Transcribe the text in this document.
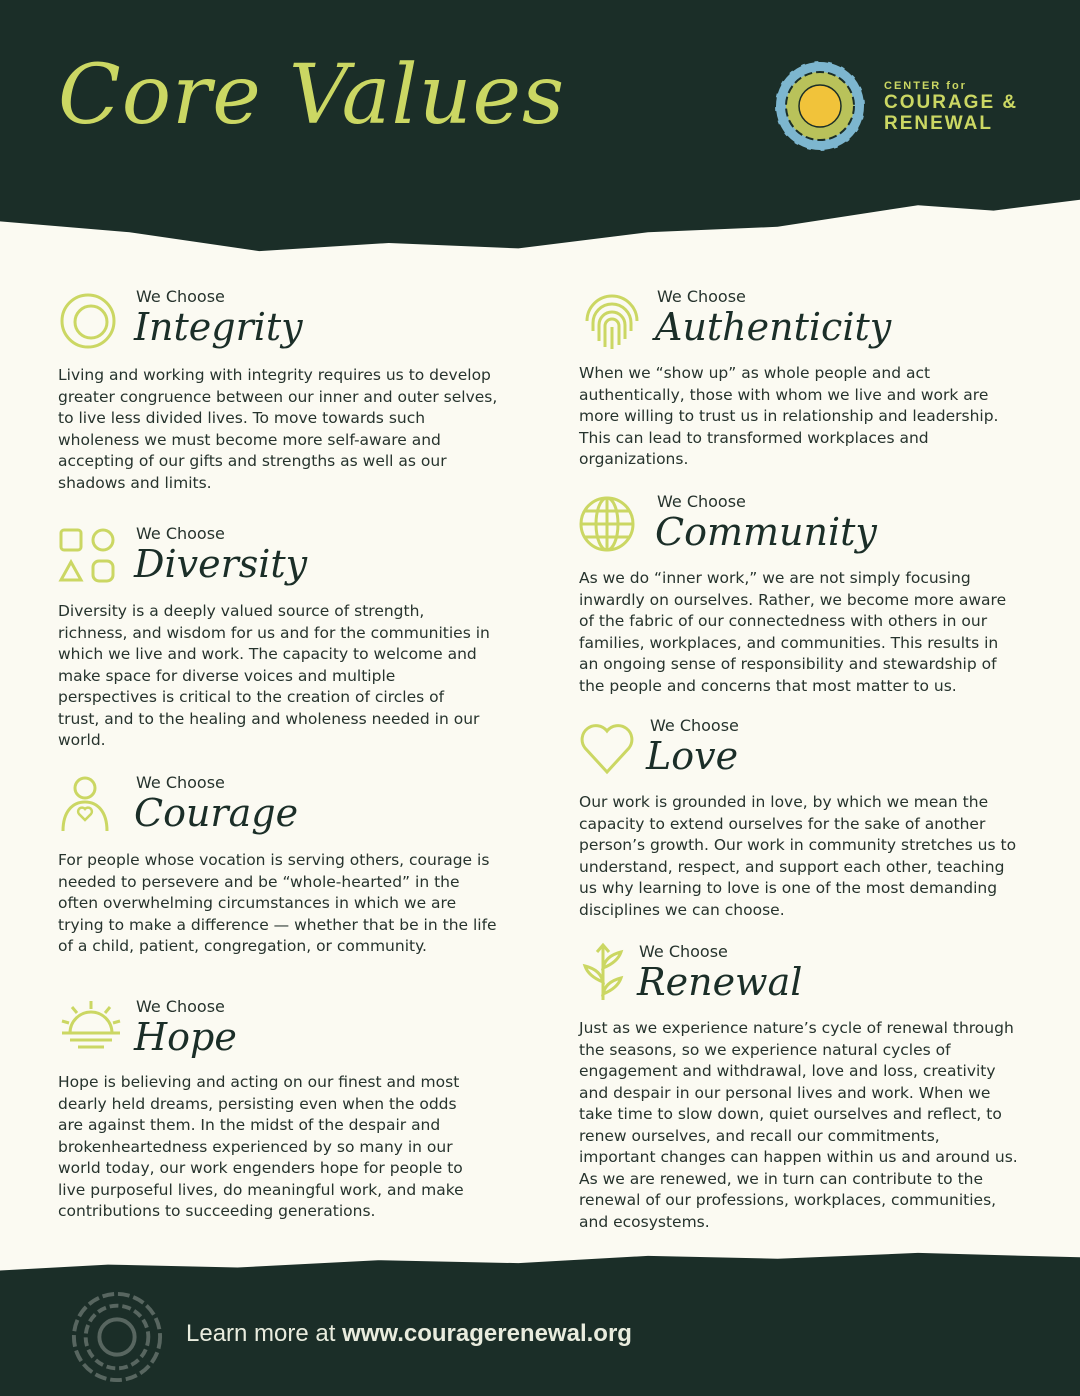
Core Values	CENTER for
COURAGE &
RENEWAL
We Choose
Integrity
Living and working with integrity requires us to develop greater congruence between our inner and outer selves, to live less divided lives. To move towards such wholeness we must become more self-aware and accepting of our gifts and strengths as well as our shadows and limits.
We Choose
Diversity
Diversity is a deeply valued source of strength, richness, and wisdom for us and for the communities in which we live and work. The capacity to welcome and make space for diverse voices and multiple perspectives is critical to the creation of circles of trust, and to the healing and wholeness needed in our world.
We Choose
Courage
For people whose vocation is serving others, courage is needed to persevere and be “whole-hearted” in the often overwhelming circumstances in which we are trying to make a difference — whether that be in the life of a child, patient, congregation, or community.
We Choose
Hope
Hope is believing and acting on our finest and most dearly held dreams, persisting even when the odds are against them. In the midst of the despair and brokenheartedness experienced by so many in our world today, our work engenders hope for people to live purposeful lives, do meaningful work, and make contributions to succeeding generations.
We Choose
Authenticity
When we “show up” as whole people and act authentically, those with whom we live and work are more willing to trust us in relationship and leadership. This can lead to transformed workplaces and organizations.
We Choose
Community
As we do “inner work,” we are not simply focusing inwardly on ourselves. Rather, we become more aware of the fabric of our connectedness with others in our families, workplaces, and communities. This results in an ongoing sense of responsibility and stewardship of the people and concerns that most matter to us.
We Choose
Love
Our work is grounded in love, by which we mean the capacity to extend ourselves for the sake of another person’s growth. Our work in community stretches us to understand, respect, and support each other, teaching us why learning to love is one of the most demanding disciplines we can choose.
We Choose
Renewal
Just as we experience nature’s cycle of renewal through the seasons, so we experience natural cycles of engagement and withdrawal, love and loss, creativity and despair in our personal lives and work. When we take time to slow down, quiet ourselves and reflect, to renew ourselves, and recall our commitments, important changes can happen within us and around us. As we are renewed, we in turn can contribute to the renewal of our professions, workplaces, communities, and ecosystems.
Learn more at www.couragerenewal.org
